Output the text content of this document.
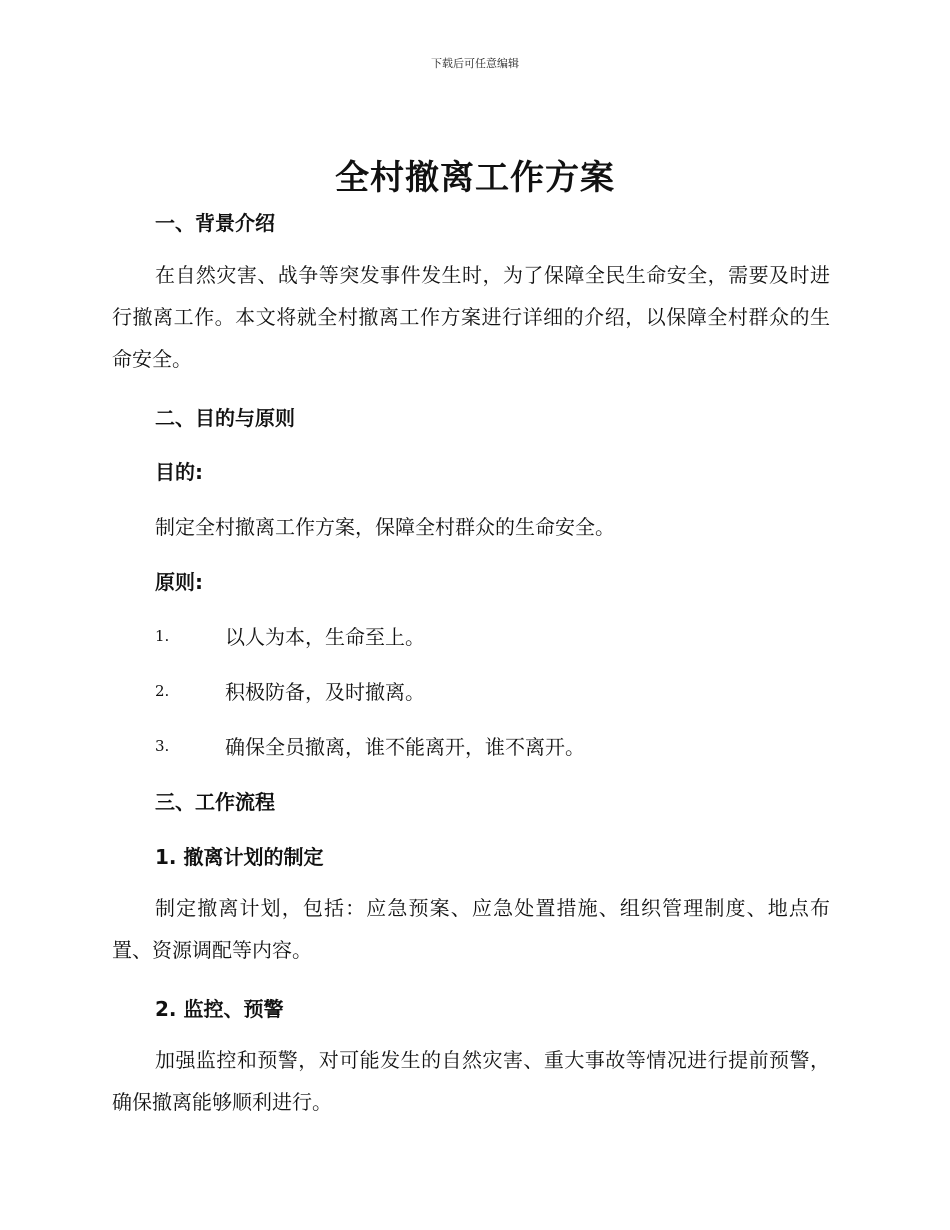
下载后可任意编辑
全村撤离工作方案
一、背景介绍
在自然灾害、战争等突发事件发生时，为了保障全民生命安全，需要及时进行撤离工作。本文将就全村撤离工作方案进行详细的介绍，以保障全村群众的生命安全。
二、目的与原则
目的:
制定全村撤离工作方案，保障全村群众的生命安全。
原则:
1.	以人为本，生命至上。
2.	积极防备，及时撤离。
3.	确保全员撤离，谁不能离开，谁不离开。
三、工作流程
1. 撤离计划的制定
制定撤离计划，包括：应急预案、应急处置措施、组织管理制度、地点布置、资源调配等内容。
2. 监控、预警
加强监控和预警，对可能发生的自然灾害、重大事故等情况进行提前预警，确保撤离能够顺利进行。
